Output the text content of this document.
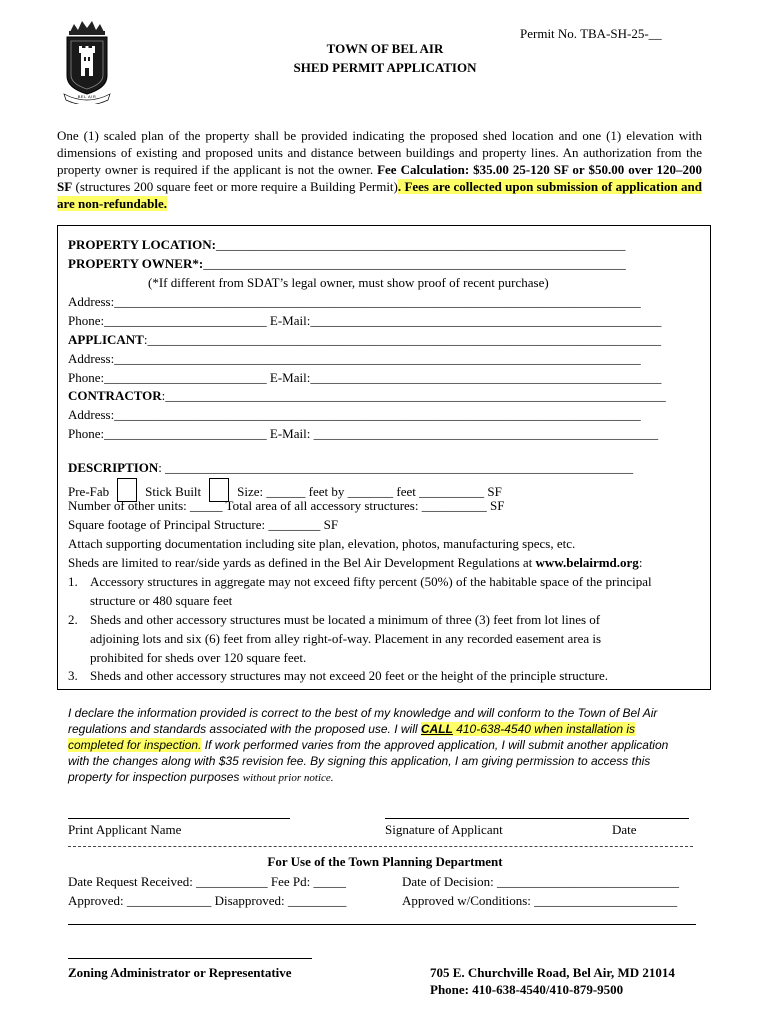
BEL AIR
Permit No. TBA-SH-25-__
TOWN OF BEL AIR
SHED PERMIT APPLICATION
One (1) scaled plan of the property shall be provided indicating the proposed shed location and one (1) elevation with dimensions of existing and proposed units and distance between buildings and property lines. An authorization from the property owner is required if the applicant is not the owner. Fee Calculation: $35.00 25-120 SF or $50.00 over 120–200 SF (structures 200 square feet or more require a Building Permit). Fees are collected upon submission of application and are non-refundable.
PROPERTY LOCATION:_______________________________________________________________
PROPERTY OWNER*:_________________________________________________________________
(*If different from SDAT’s legal owner, must show proof of recent purchase)
Address:_________________________________________________________________________________
Phone:_________________________ E-Mail:______________________________________________________
APPLICANT:_______________________________________________________________________________
Address:_________________________________________________________________________________
Phone:_________________________ E-Mail:______________________________________________________
CONTRACTOR:_____________________________________________________________________________
Address:_________________________________________________________________________________
Phone:_________________________ E-Mail: _____________________________________________________
DESCRIPTION: ________________________________________________________________________
Pre-Fab	Stick Built	Size: ______ feet by _______ feet __________ SF
Number of other units: _____ Total area of all accessory structures: __________ SF
Square footage of Principal Structure: ________ SF
Attach supporting documentation including site plan, elevation, photos, manufacturing specs, etc.
Sheds are limited to rear/side yards as defined in the Bel Air Development Regulations at www.belairmd.org:
1. Accessory structures in aggregate may not exceed fifty percent (50%) of the habitable space of the principal
structure or 480 square feet
2. Sheds and other accessory structures must be located a minimum of three (3) feet from lot lines of
adjoining lots and six (6) feet from alley right-of-way. Placement in any recorded easement area is
prohibited for sheds over 120 square feet.
3. Sheds and other accessory structures may not exceed 20 feet or the height of the principle structure.
I declare the information provided is correct to the best of my knowledge and will conform to the Town of Bel Air regulations and standards associated with the proposed use. I will CALL 410-638-4540 when installation is completed for inspection. If work performed varies from the approved application, I will submit another application with the changes along with $35 revision fee. By signing this application, I am giving permission to access this property for inspection purposes without prior notice.
Print Applicant Name	Signature of Applicant	Date
For Use of the Town Planning Department
Date Request Received: ___________ Fee Pd: _____	Date of Decision: ____________________________
Approved: _____________ Disapproved: _________	Approved w/Conditions: ______________________
Zoning Administrator or Representative	705 E. Churchville Road, Bel Air, MD 21014
Phone: 410-638-4540/410-879-9500
